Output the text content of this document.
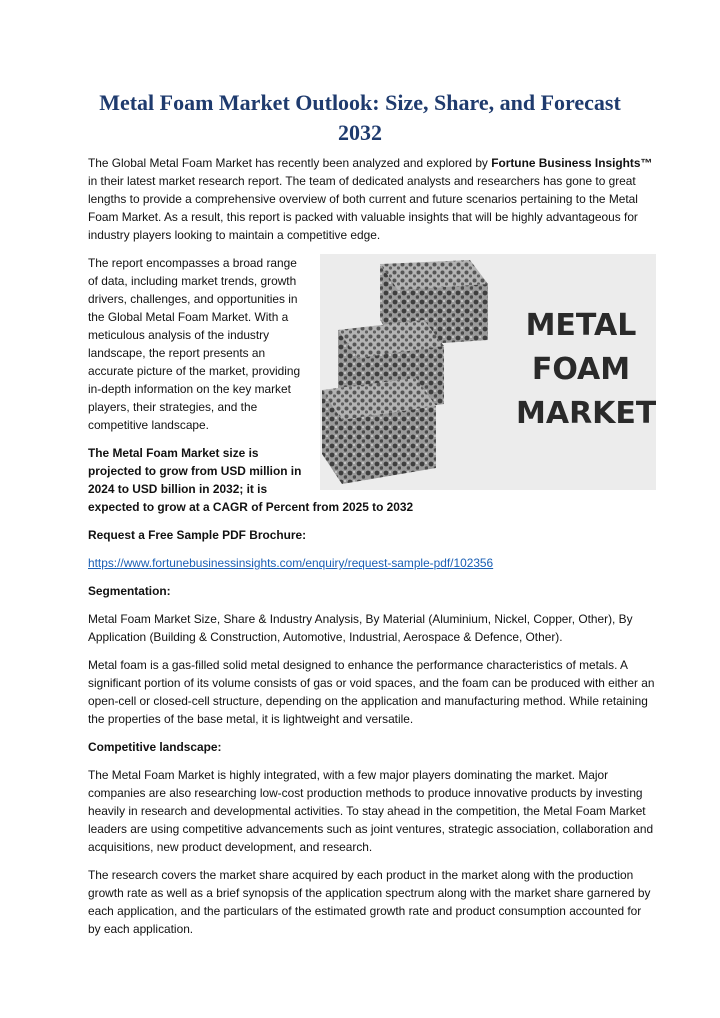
Metal Foam Market Outlook: Size, Share, and Forecast 2032

The Global Metal Foam Market has recently been analyzed and explored by Fortune Business Insights™ in their latest market research report. The team of dedicated analysts and researchers has gone to great lengths to provide a comprehensive overview of both current and future scenarios pertaining to the Metal Foam Market. As a result, this report is packed with valuable insights that will be highly advantageous for industry players looking to maintain a competitive edge.

METAL
FOAM
MARKET

The report encompasses a broad range of data, including market trends, growth drivers, challenges, and opportunities in the Global Metal Foam Market. With a meticulous analysis of the industry landscape, the report presents an accurate picture of the market, providing in-depth information on the key market players, their strategies, and the competitive landscape.

The Metal Foam Market size is projected to grow from USD million in 2024 to USD billion in 2032; it is expected to grow at a CAGR of Percent from 2025 to 2032

Request a Free Sample PDF Brochure:

https://www.fortunebusinessinsights.com/enquiry/request-sample-pdf/102356

Segmentation:

Metal Foam Market Size, Share & Industry Analysis, By Material (Aluminium, Nickel, Copper, Other), By Application (Building & Construction, Automotive, Industrial, Aerospace & Defence, Other).

Metal foam is a gas-filled solid metal designed to enhance the performance characteristics of metals. A significant portion of its volume consists of gas or void spaces, and the foam can be produced with either an open-cell or closed-cell structure, depending on the application and manufacturing method. While retaining the properties of the base metal, it is lightweight and versatile.

Competitive landscape:

The Metal Foam Market is highly integrated, with a few major players dominating the market. Major companies are also researching low-cost production methods to produce innovative products by investing heavily in research and developmental activities. To stay ahead in the competition, the Metal Foam Market leaders are using competitive advancements such as joint ventures, strategic association, collaboration and acquisitions, new product development, and research.

The research covers the market share acquired by each product in the market along with the production growth rate as well as a brief synopsis of the application spectrum along with the market share garnered by each application, and the particulars of the estimated growth rate and product consumption accounted for by each application.
